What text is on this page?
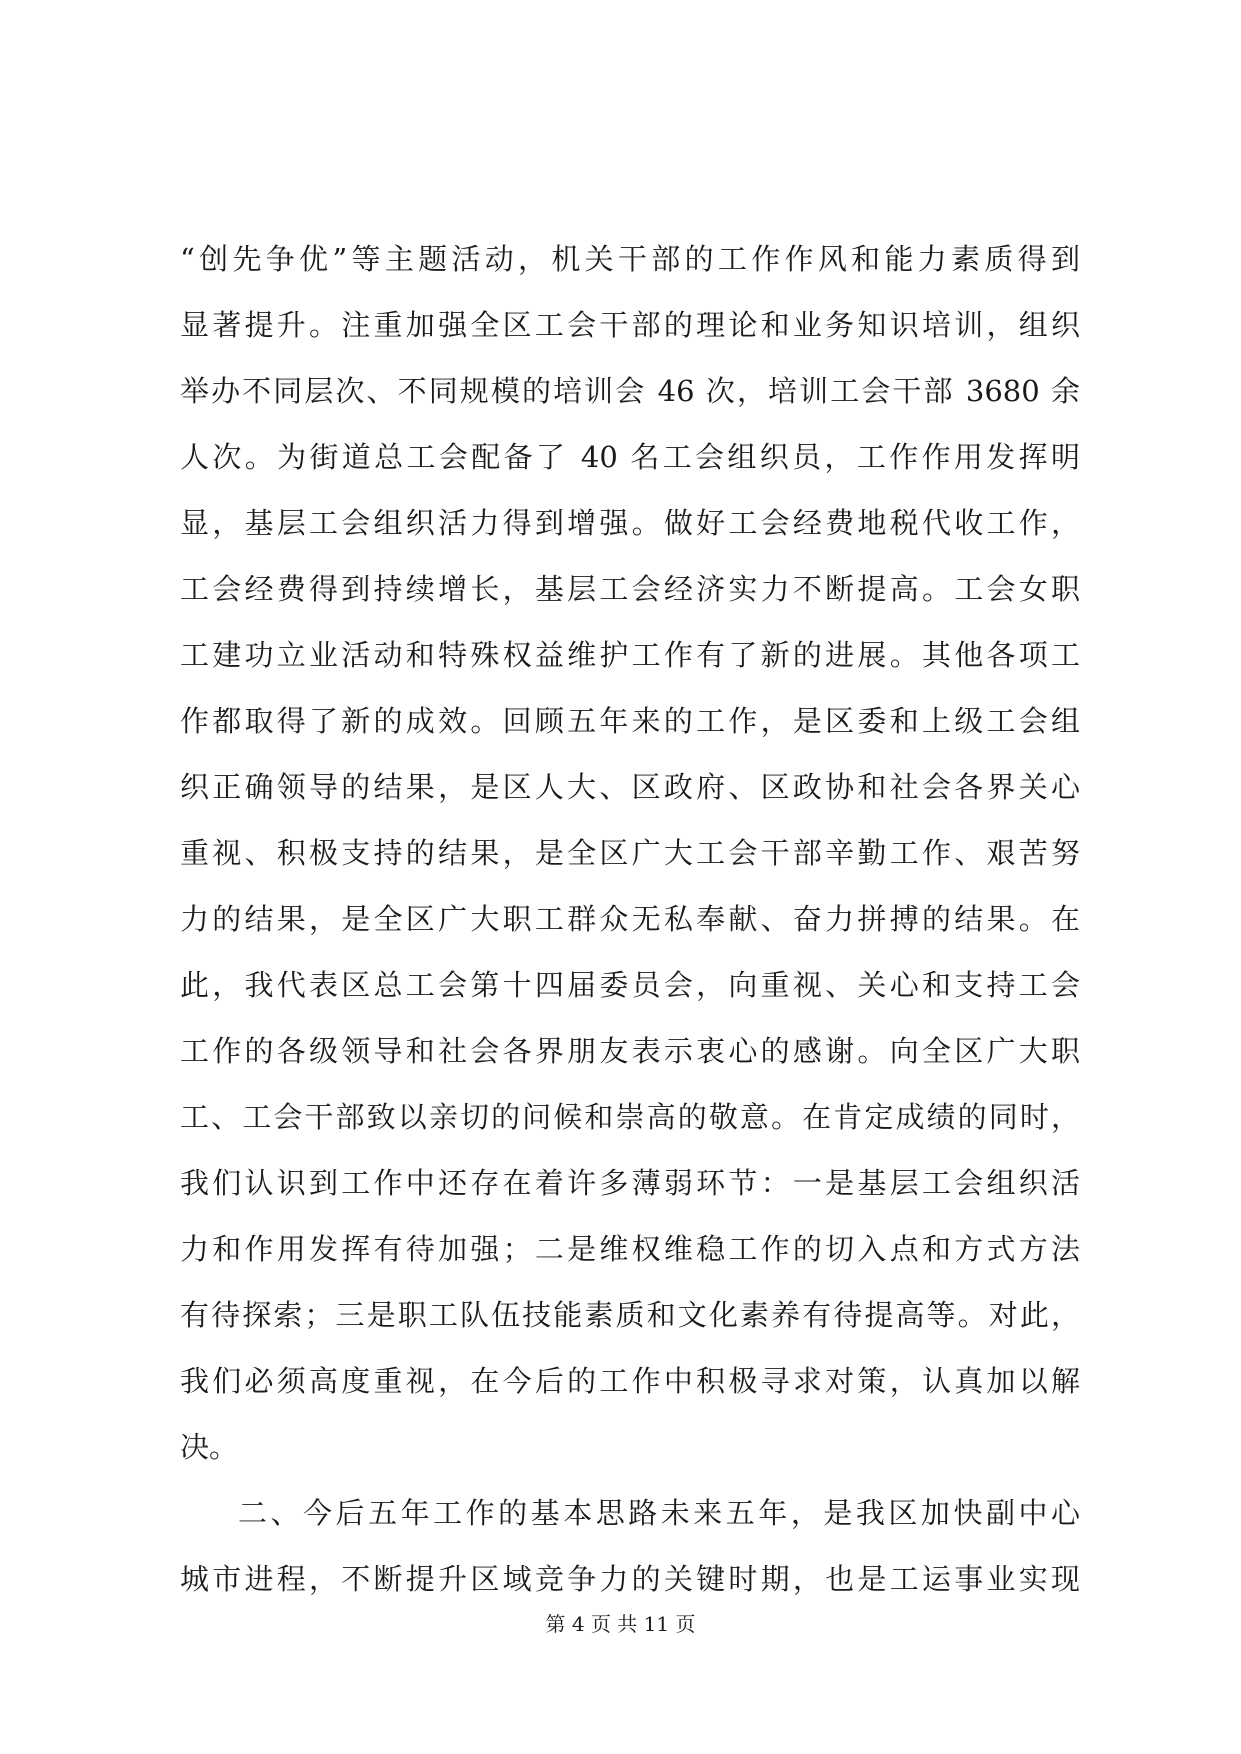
“创先争优”等主题活动，机关干部的工作作风和能力素质得到
显著提升。注重加强全区工会干部的理论和业务知识培训，组织
举办不同层次、不同规模的培训会 46 次，培训工会干部 3680 余
人次。为街道总工会配备了 40 名工会组织员，工作作用发挥明
显，基层工会组织活力得到增强。做好工会经费地税代收工作，
工会经费得到持续增长，基层工会经济实力不断提高。工会女职
工建功立业活动和特殊权益维护工作有了新的进展。其他各项工
作都取得了新的成效。回顾五年来的工作，是区委和上级工会组
织正确领导的结果，是区人大、区政府、区政协和社会各界关心
重视、积极支持的结果，是全区广大工会干部辛勤工作、艰苦努
力的结果，是全区广大职工群众无私奉献、奋力拼搏的结果。在
此，我代表区总工会第十四届委员会，向重视、关心和支持工会
工作的各级领导和社会各界朋友表示衷心的感谢。向全区广大职
工、工会干部致以亲切的问候和崇高的敬意。在肯定成绩的同时，
我们认识到工作中还存在着许多薄弱环节：一是基层工会组织活
力和作用发挥有待加强；二是维权维稳工作的切入点和方式方法
有待探索；三是职工队伍技能素质和文化素养有待提高等。对此，
我们必须高度重视，在今后的工作中积极寻求对策，认真加以解
决。
二、今后五年工作的基本思路未来五年，是我区加快副中心
城市进程，不断提升区域竞争力的关键时期，也是工运事业实现
第 4 页 共 11 页
